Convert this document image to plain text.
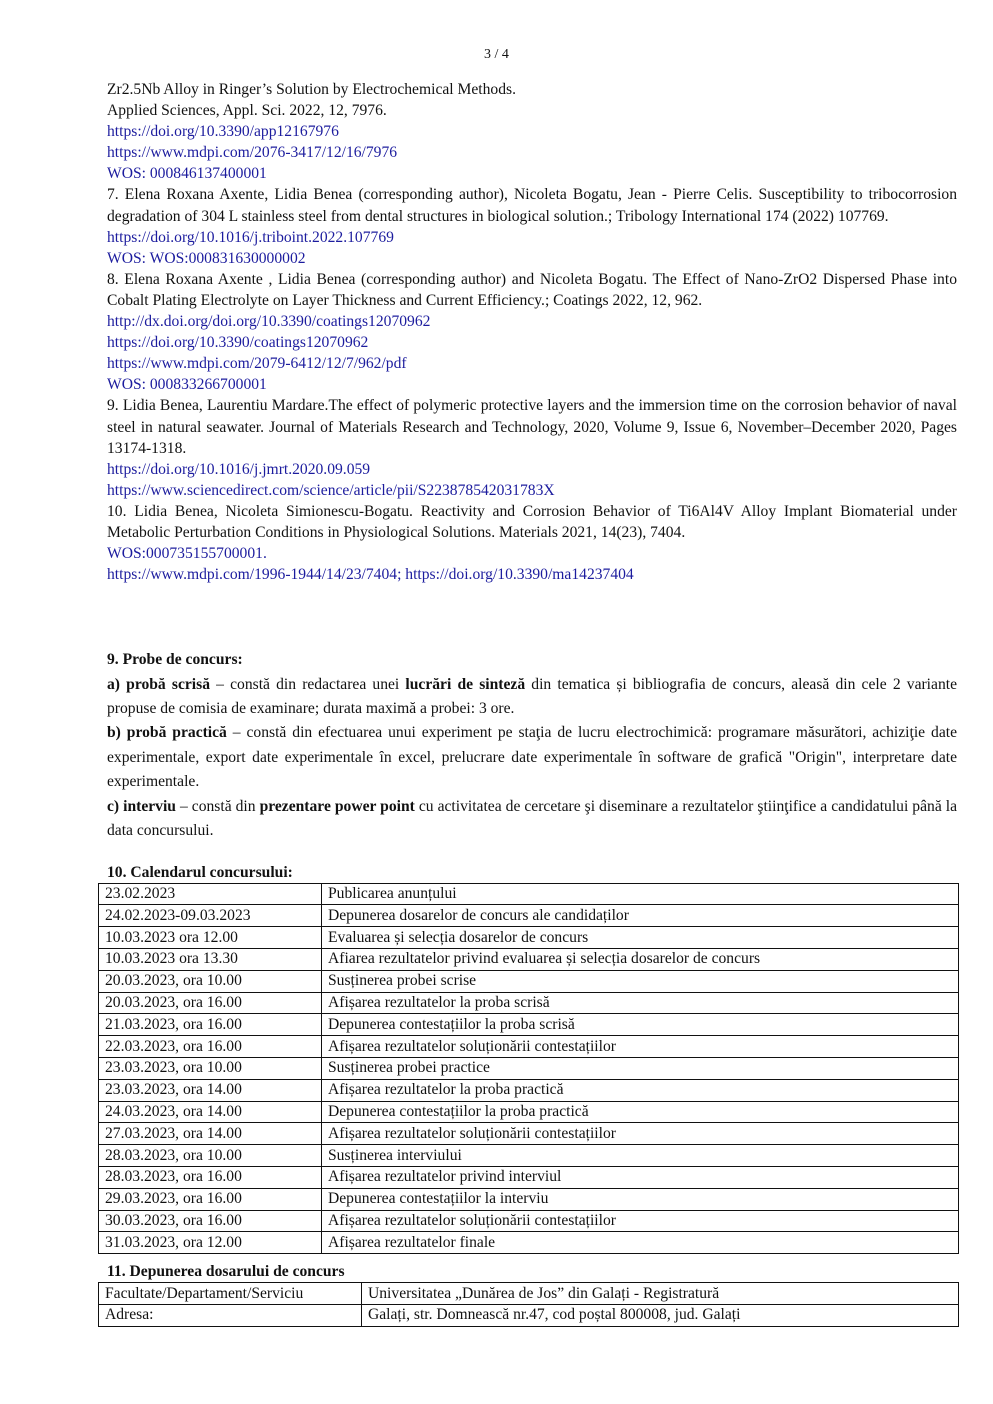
3 / 4

Zr2.5Nb Alloy in Ringer’s Solution by Electrochemical Methods.

Applied Sciences, Appl. Sci. 2022, 12, 7976.

https://doi.org/10.3390/app12167976

https://www.mdpi.com/2076-3417/12/16/7976

WOS: 000846137400001

7. Elena Roxana Axente, Lidia Benea (corresponding author), Nicoleta Bogatu, Jean - Pierre Celis. Susceptibility to tribocorrosion degradation of 304 L stainless steel from dental structures in biological solution.; Tribology International 174 (2022) 107769.

https://doi.org/10.1016/j.triboint.2022.107769

WOS: WOS:000831630000002

8. Elena Roxana Axente , Lidia Benea (corresponding author) and Nicoleta Bogatu. The Effect of Nano-ZrO2 Dispersed Phase into Cobalt Plating Electrolyte on Layer Thickness and Current Efficiency.; Coatings 2022, 12, 962.

http://dx.doi.org/doi.org/10.3390/coatings12070962

https://doi.org/10.3390/coatings12070962

https://www.mdpi.com/2079-6412/12/7/962/pdf

WOS: 000833266700001

9. Lidia Benea, Laurentiu Mardare.The effect of polymeric protective layers and the immersion time on the corrosion behavior of naval steel in natural seawater. Journal of Materials Research and Technology, 2020, Volume 9, Issue 6, November–December 2020, Pages 13174-1318.

https://doi.org/10.1016/j.jmrt.2020.09.059

https://www.sciencedirect.com/science/article/pii/S223878542031783X

10. Lidia Benea, Nicoleta Simionescu-Bogatu. Reactivity and Corrosion Behavior of Ti6Al4V Alloy Implant Biomaterial under Metabolic Perturbation Conditions in Physiological Solutions. Materials 2021, 14(23), 7404.

WOS:000735155700001.

https://www.mdpi.com/1996-1944/14/23/7404; https://doi.org/10.3390/ma14237404

9. Probe de concurs:

a) probă scrisă – constă din redactarea unei lucrări de sinteză din tematica și bibliografia de concurs, aleasă din cele 2 variante propuse de comisia de examinare; durata maximă a probei: 3 ore.

b) probă practică – constă din efectuarea unui experiment pe staţia de lucru electrochimică: programare măsurători, achiziţie date experimentale, export date experimentale în excel, prelucrare date experimentale în software de grafică "Origin", interpretare date experimentale.

c) interviu – constă din prezentare power point cu activitatea de cercetare şi diseminare a rezultatelor ştiinţifice a candidatului până la data concursului.

10. Calendarul concursului:

23.02.2023	Publicarea anunțului
24.02.2023-09.03.2023	Depunerea dosarelor de concurs ale candidaților
10.03.2023 ora 12.00	Evaluarea și selecția dosarelor de concurs
10.03.2023 ora 13.30	Afiarea rezultatelor privind evaluarea și selecția dosarelor de concurs
20.03.2023, ora 10.00	Susținerea probei scrise
20.03.2023, ora 16.00	Afișarea rezultatelor la proba scrisă
21.03.2023, ora 16.00	Depunerea contestațiilor la proba scrisă
22.03.2023, ora 16.00	Afișarea rezultatelor soluționării contestațiilor
23.03.2023, ora 10.00	Susținerea probei practice
23.03.2023, ora 14.00	Afișarea rezultatelor la proba practică
24.03.2023, ora 14.00	Depunerea contestațiilor la proba practică
27.03.2023, ora 14.00	Afișarea rezultatelor soluționării contestațiilor
28.03.2023, ora 10.00	Susținerea interviului
28.03.2023, ora 16.00	Afișarea rezultatelor privind interviul
29.03.2023, ora 16.00	Depunerea contestațiilor la interviu
30.03.2023, ora 16.00	Afișarea rezultatelor soluționării contestațiilor
31.03.2023, ora 12.00	Afișarea rezultatelor finale

11. Depunerea dosarului de concurs

Facultate/Departament/Serviciu	Universitatea „Dunărea de Jos” din Galați - Registratură
Adresa:	Galați, str. Domnească nr.47, cod poștal 800008, jud. Galați
